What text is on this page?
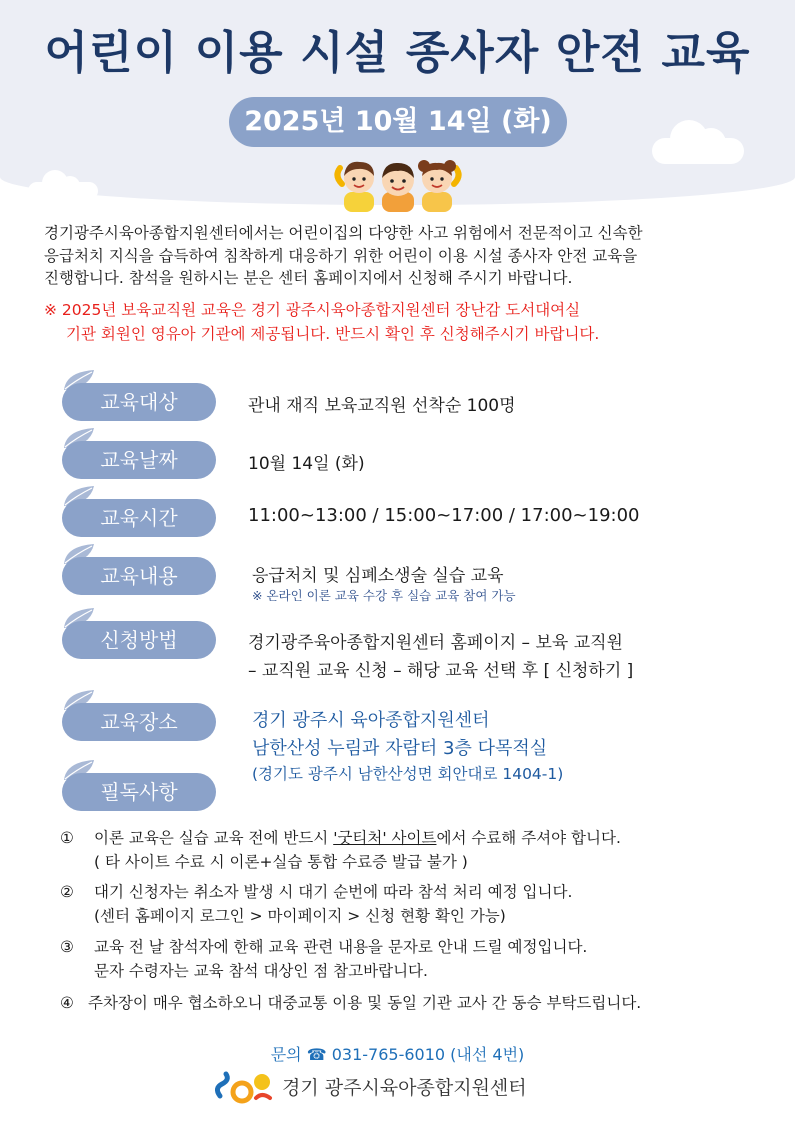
어린이 이용 시설 종사자 안전 교육
2025년 10월 14일 (화)

경기광주시육아종합지원센터에서는 어린이집의 다양한 사고 위험에서 전문적이고 신속한

응급처치 지식을 습득하여 침착하게 대응하기 위한 어린이 이용 시설 종사자 안전 교육을

진행합니다. 참석을 원하시는 분은 센터 홈페이지에서 신청해 주시기 바랍니다.

※ 2025년 보육교직원 교육은 경기 광주시육아종합지원센터 장난감 도서대여실

기관 회원인 영유아 기관에 제공됩니다. 반드시 확인 후 신청해주시기 바랍니다.

교육대상	관내 재직 보육교직원 선착순 100명
교육날짜	10월 14일 (화)
교육시간	11:00~13:00 / 15:00~17:00 / 17:00~19:00
교육내용	응급처치 및 심폐소생술 실습 교육
※ 온라인 이론 교육 수강 후 실습 교육 참여 가능
신청방법	경기광주육아종합지원센터 홈페이지 – 보육 교직원
– 교직원 교육 신청 – 해당 교육 선택 후 [ 신청하기 ]
교육장소	경기 광주시 육아종합지원센터
남한산성 누림과 자람터 3층 다목적실
(경기도 광주시 남한산성면 회안대로 1404-1)
필독사항
① 이론 교육은 실습 교육 전에 반드시 '굿티처' 사이트에서 수료해 주셔야 합니다.
( 타 사이트 수료 시 이론+실습 통합 수료증 발급 불가 )
② 대기 신청자는 취소자 발생 시 대기 순번에 따라 참석 처리 예정 입니다.
(센터 홈페이지 로그인 > 마이페이지 > 신청 현황 확인 가능)
③ 교육 전 날 참석자에 한해 교육 관련 내용을 문자로 안내 드릴 예정입니다.
문자 수령자는 교육 참석 대상인 점 참고바랍니다.
④ 주차장이 매우 협소하오니 대중교통 이용 및 동일 기관 교사 간 동승 부탁드립니다.
문의 ☎ 031-765-6010 (내선 4번)
경기 광주시육아종합지원센터
